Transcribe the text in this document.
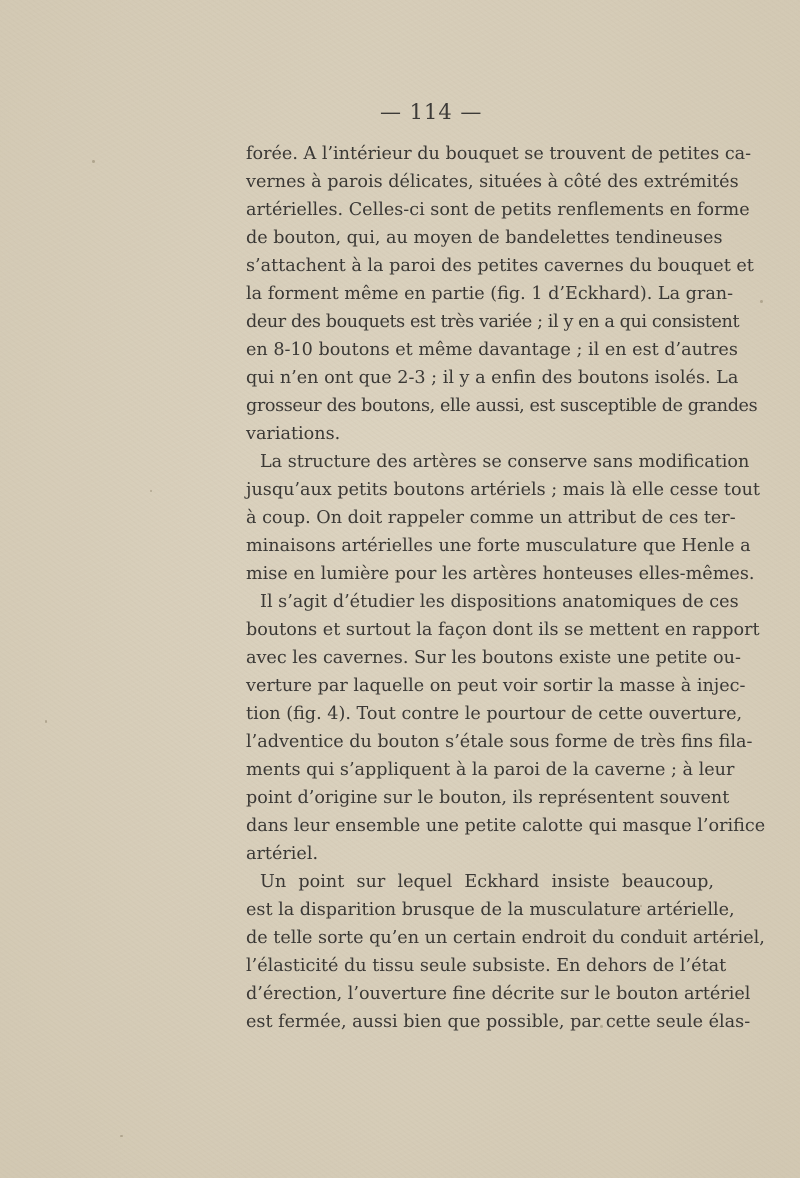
— 114 —
forée. A l’intérieur du bouquet se trouvent de petites ca-
vernes à parois délicates, situées à côté des extrémités
artérielles. Celles-ci sont de petits renflements en forme
de bouton, qui, au moyen de bandelettes tendineuses
s’attachent à la paroi des petites cavernes du bouquet et
la forment même en partie (fig. 1 d’Eckhard). La gran-
deur des bouquets est très variée ; il y en a qui consistent
en 8-10 boutons et même davantage ; il en est d’autres
qui n’en ont que 2-3 ; il y a enfin des boutons isolés. La
grosseur des boutons, elle aussi, est susceptible de grandes
variations.
La structure des artères se conserve sans modification
jusqu’aux petits boutons artériels ; mais là elle cesse tout
à coup. On doit rappeler comme un attribut de ces ter-
minaisons artérielles une forte musculature que Henle a
mise en lumière pour les artères honteuses elles-mêmes.
Il s’agit d’étudier les dispositions anatomiques de ces
boutons et surtout la façon dont ils se mettent en rapport
avec les cavernes. Sur les boutons existe une petite ou-
verture par laquelle on peut voir sortir la masse à injec-
tion (fig. 4). Tout contre le pourtour de cette ouverture,
l’adventice du bouton s’étale sous forme de très fins fila-
ments qui s’appliquent à la paroi de la caverne ; à leur
point d’origine sur le bouton, ils représentent souvent
dans leur ensemble une petite calotte qui masque l’orifice
artériel.
Un point sur lequel Eckhard insiste beaucoup,
est la disparition brusque de la musculature artérielle,
de telle sorte qu’en un certain endroit du conduit artériel,
l’élasticité du tissu seule subsiste. En dehors de l’état
d’érection, l’ouverture fine décrite sur le bouton artériel
est fermée, aussi bien que possible, par cette seule élas-
